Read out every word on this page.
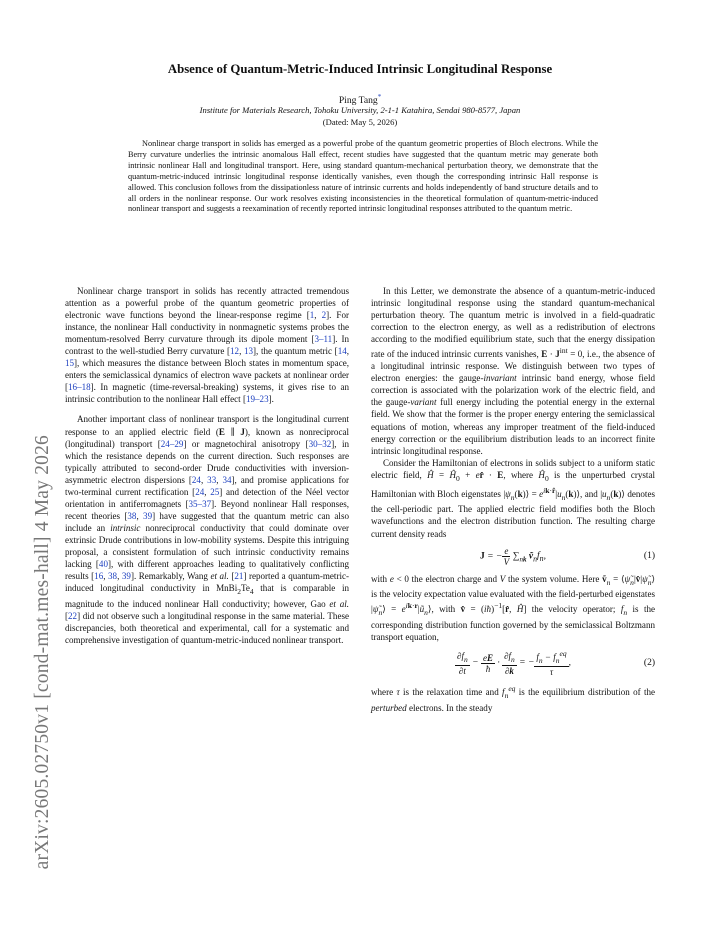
arXiv:2605.02750v1 [cond-mat.mes-hall] 4 May 2026
Absence of Quantum-Metric-Induced Intrinsic Longitudinal Response
Ping Tang*
Institute for Materials Research, Tohoku University, 2-1-1 Katahira, Sendai 980-8577, Japan
(Dated: May 5, 2026)
Nonlinear charge transport in solids has emerged as a powerful probe of the quantum geometric properties of Bloch electrons. While the Berry curvature underlies the intrinsic anomalous Hall effect, recent studies have suggested that the quantum metric may generate both intrinsic nonlinear Hall and longitudinal transport. Here, using standard quantum-mechanical perturbation theory, we demonstrate that the quantum-metric-induced intrinsic longitudinal response identically vanishes, even though the corresponding intrinsic Hall response is allowed. This conclusion follows from the dissipationless nature of intrinsic currents and holds independently of band structure details and to all orders in the nonlinear response. Our work resolves existing inconsistencies in the theoretical formulation of quantum-metric-induced nonlinear transport and suggests a reexamination of recently reported intrinsic longitudinal responses attributed to the quantum metric.

Nonlinear charge transport in solids has recently attracted tremendous attention as a powerful probe of the quantum geometric properties of electronic wave functions beyond the linear-response regime [1, 2]. For instance, the nonlinear Hall conductivity in nonmagnetic systems probes the momentum-resolved Berry curvature through its dipole moment [3–11]. In contrast to the well-studied Berry curvature [12, 13], the quantum metric [14, 15], which measures the distance between Bloch states in momentum space, enters the semiclassical dynamics of electron wave packets at nonlinear order [16–18]. In magnetic (time-reversal-breaking) systems, it gives rise to an intrinsic contribution to the nonlinear Hall effect [19–23].

Another important class of nonlinear transport is the longitudinal current response to an applied electric field (E ∥ J), known as nonreciprocal (longitudinal) transport [24–29] or magnetochiral anisotropy [30–32], in which the resistance depends on the current direction. Such responses are typically attributed to second-order Drude conductivities with inversion-asymmetric electron dispersions [24, 33, 34], and promise applications for two-terminal current rectification [24, 25] and detection of the Néel vector orientation in antiferromagnets [35–37]. Beyond nonlinear Hall responses, recent theories [38, 39] have suggested that the quantum metric can also include an intrinsic nonreciprocal conductivity that could dominate over extrinsic Drude contributions in low-mobility systems. Despite this intriguing proposal, a consistent formulation of such intrinsic conductivity remains lacking [40], with different approaches leading to qualitatively conflicting results [16, 38, 39]. Remarkably, Wang et al. [21] reported a quantum-metric-induced longitudinal conductivity in $MnBi_2Te_4$ that is comparable in magnitude to the induced nonlinear Hall conductivity; however, Gao et al. [22] did not observe such a longitudinal response in the same material. These discrepancies, both theoretical and experimental, call for a systematic and comprehensive investigation of quantum-metric-induced nonlinear transport.

In this Letter, we demonstrate the absence of a quantum-metric-induced intrinsic longitudinal response using the standard quantum-mechanical perturbation theory. The quantum metric is involved in a field-quadratic correction to the electron energy, as well as a redistribution of electrons according to the modified equilibrium state, such that the energy dissipation rate of the induced intrinsic currents vanishes, $E \cdot J^{int} = 0$, i.e., the absence of a longitudinal intrinsic response. We distinguish between two types of electron energies: the gauge-invariant intrinsic band energy, whose field correction is associated with the polarization work of the electric field, and the gauge-variant full energy including the potential energy in the external field. We show that the former is the proper energy entering the semiclassical equations of motion, whereas any improper treatment of the field-induced energy correction or the equilibrium distribution leads to an incorrect finite intrinsic longitudinal response.

Consider the Hamiltonian of electrons in solids subject to a uniform static electric field, Ĥ = $Ĥ_0$ + er̂ · E, where $Ĥ_0$ is the unperturbed crystal Hamiltonian with Bloch eigenstates $|\psi_n(k)⟩$ = $e^{ik\cdot r̂}|u_n(k)⟩$, and $|u_n(k)⟩$ denotes the cell-periodic part. The applied electric field modifies both the Bloch wavefunctions and the electron distribution function. The resulting charge current density reads

J = − $\frac{e}{V} \sum_{nk}$ $ṽ_nf_n$,	(1)

with e < 0 the electron charge and V the system volume. Here ṽ$_n$ = $⟨\psĩ_n|v̂|\psĩ_n⟩$ is the velocity expectation value evaluated with the field-perturbed eigenstates $|\psĩ_n⟩$ = $e^{ik\cdot r}|ũ_n⟩$, with v̂ = (iħ)$^{-1}$[r̂, Ĥ] the velocity operator; $f_n$ is the corresponding distribution function governed by the semiclassical Boltzmann transport equation,

$\frac{\partial f_n}{\partial t} - \frac{eE}{ħ} \cdot \frac{\partial f_n}{\partial k}$ = − $\frac{f_n - f_n^{eq}}{\tau}$ ,	(2)

where τ is the relaxation time and $f_n^{eq}$ is the equilibrium distribution of the perturbed electrons. In the steady
